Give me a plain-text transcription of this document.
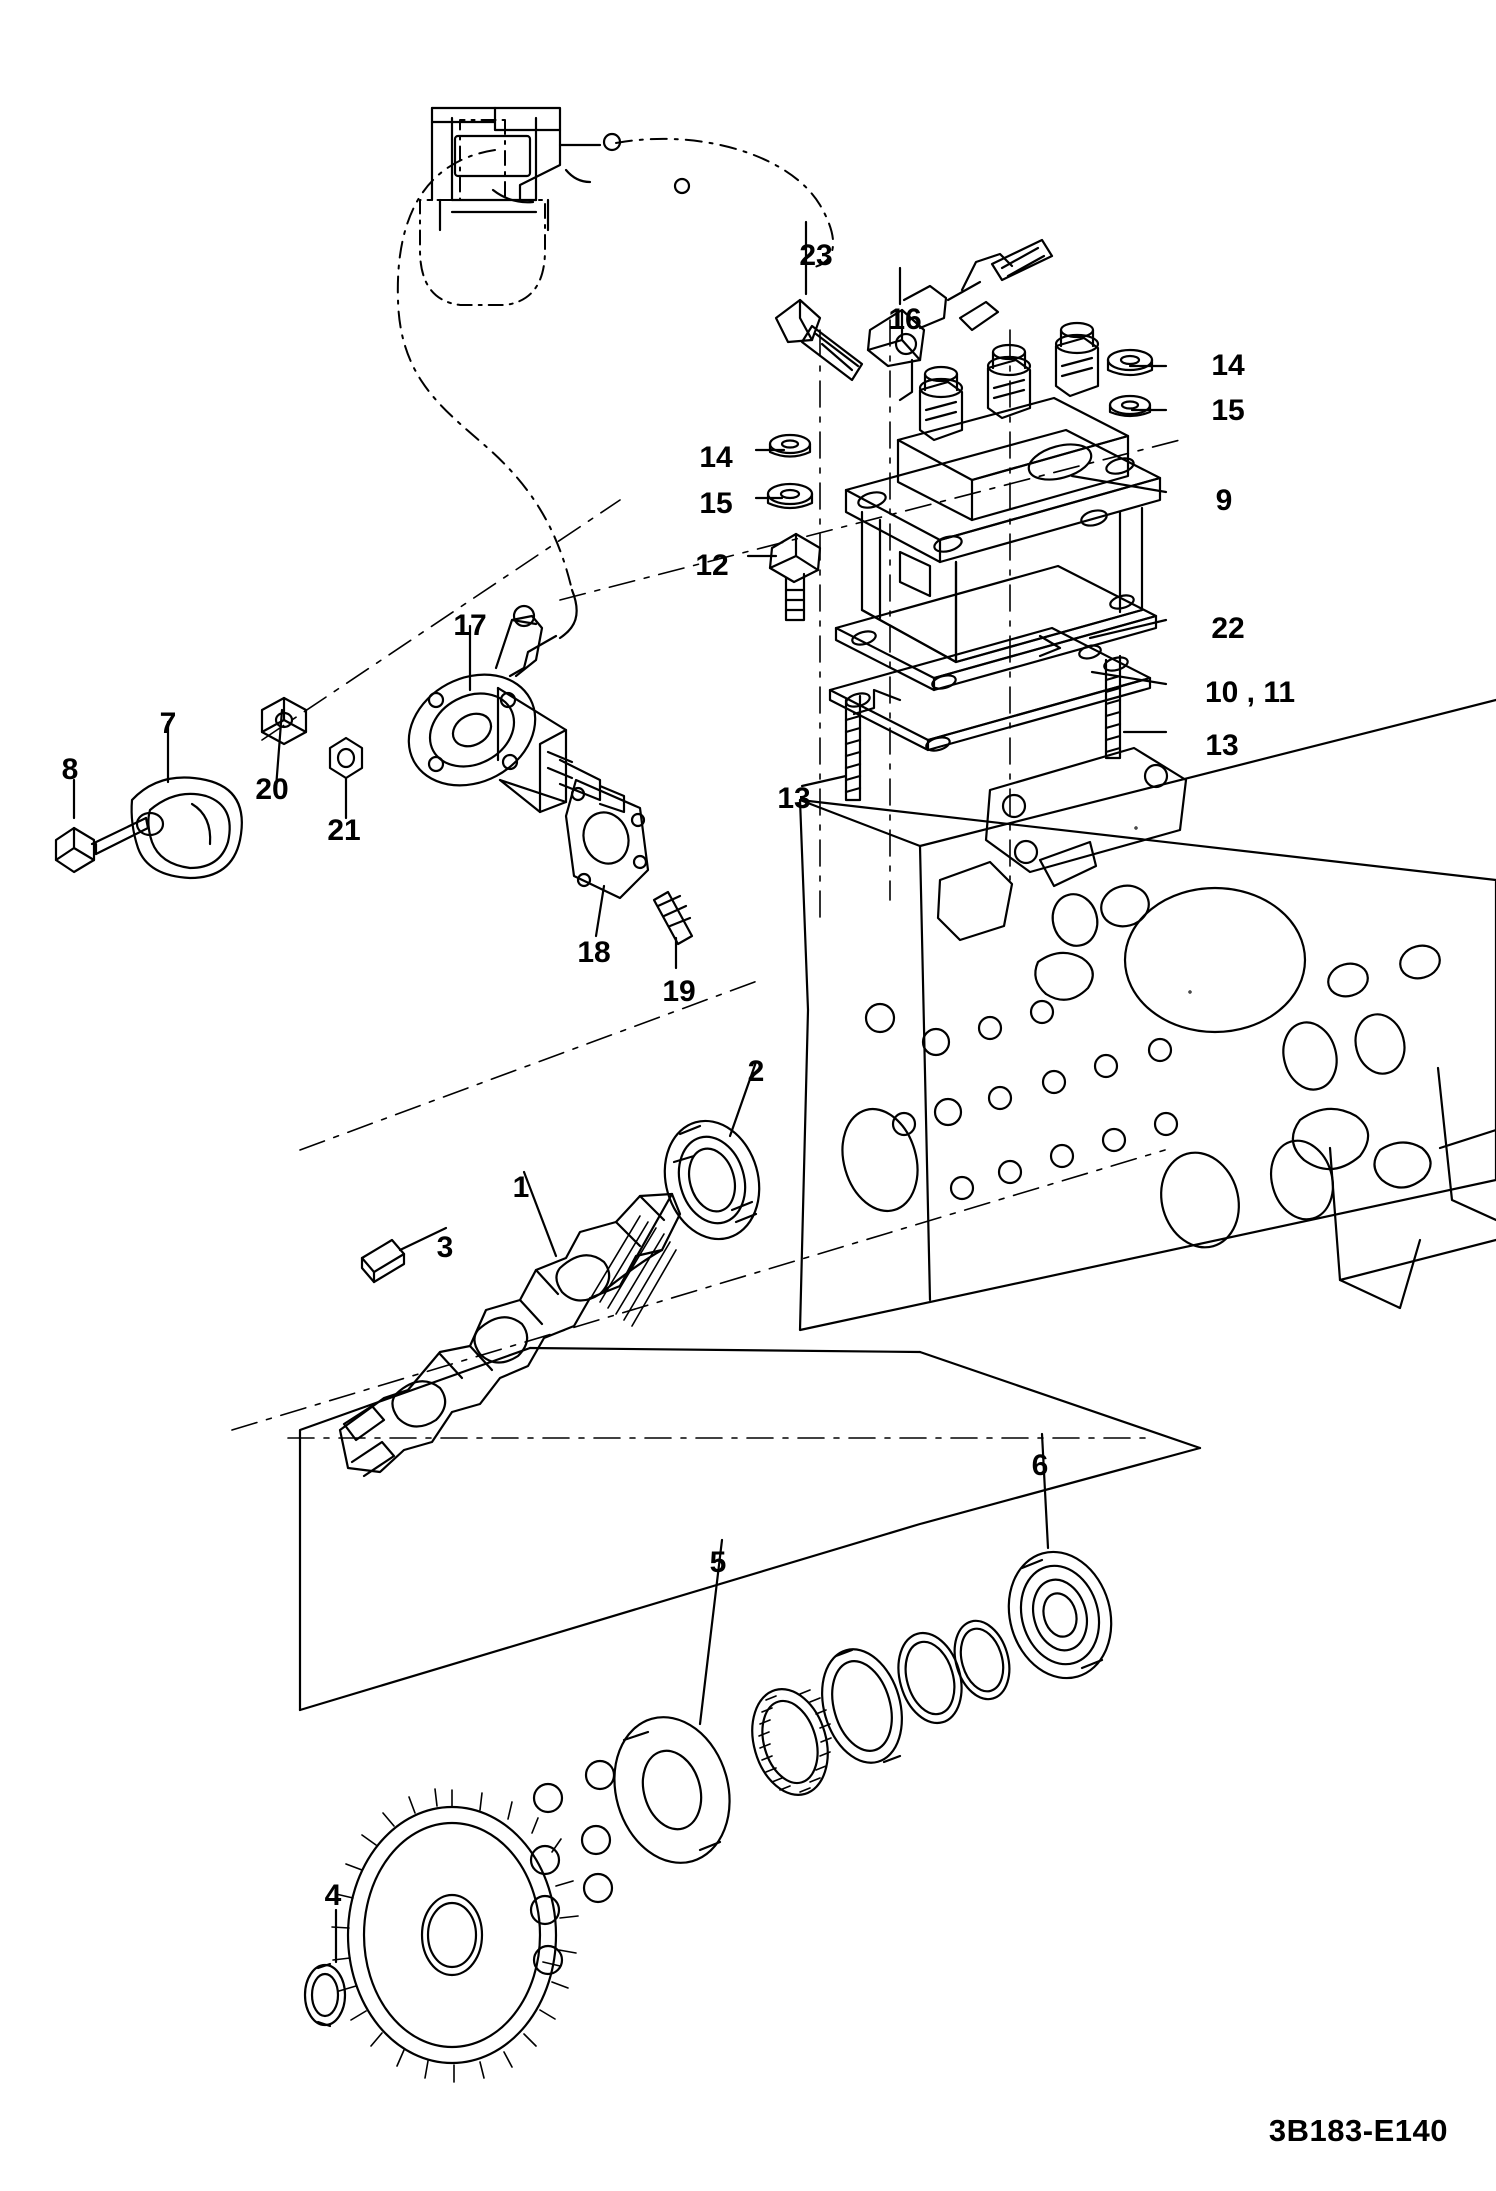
23
16
14
15
14
9
15
12
17	22
10 , 11
7
13
8
20	13
21
18
19
2
1
3
6
5
4
3B183-E140
